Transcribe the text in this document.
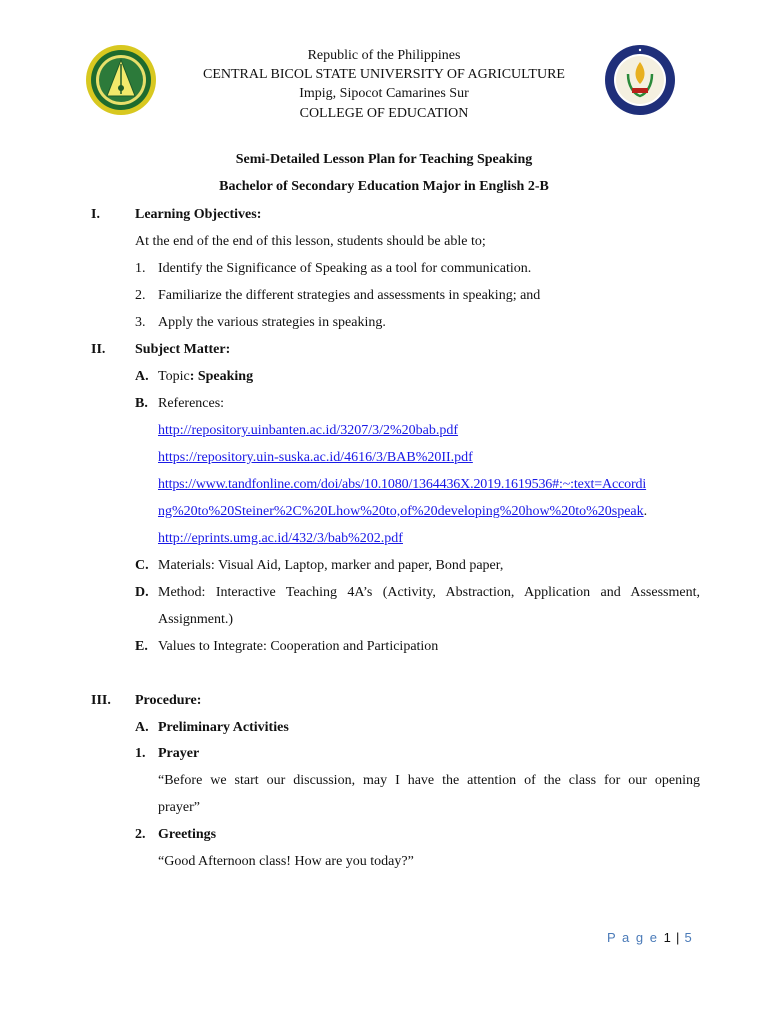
Republic of the Philippines
CENTRAL BICOL STATE UNIVERSITY OF AGRICULTURE
Impig, Sipocot Camarines Sur
COLLEGE OF EDUCATION
Semi-Detailed Lesson Plan for Teaching Speaking
Bachelor of Secondary Education Major in English 2-B
I.	Learning Objectives:
At the end of the end of this lesson, students should be able to;
1. Identify the Significance of Speaking as a tool for communication.
2. Familiarize the different strategies and assessments in speaking; and
3. Apply the various strategies in speaking.
II. Subject Matter:
A. Topic: Speaking
B. References:
http://repository.uinbanten.ac.id/3207/3/2%20bab.pdf
https://repository.uin-suska.ac.id/4616/3/BAB%20II.pdf
https://www.tandfonline.com/doi/abs/10.1080/1364436X.2019.1619536#:~:text=Accordi
ng%20to%20Steiner%2C%20Lhow%20to,of%20developing%20how%20to%20speak.
http://eprints.umg.ac.id/432/3/bab%202.pdf
C. Materials: Visual Aid, Laptop, marker and paper, Bond paper,
D. Method: Interactive Teaching 4A’s (Activity, Abstraction, Application and Assessment,
Assignment.)
E. Values to Integrate: Cooperation and Participation
III. Procedure:
A. Preliminary Activities
1. Prayer
“Before we start our discussion, may I have the attention of the class for our opening
prayer”
2. Greetings
“Good Afternoon class! How are you today?”
P a g e 1 | 5
